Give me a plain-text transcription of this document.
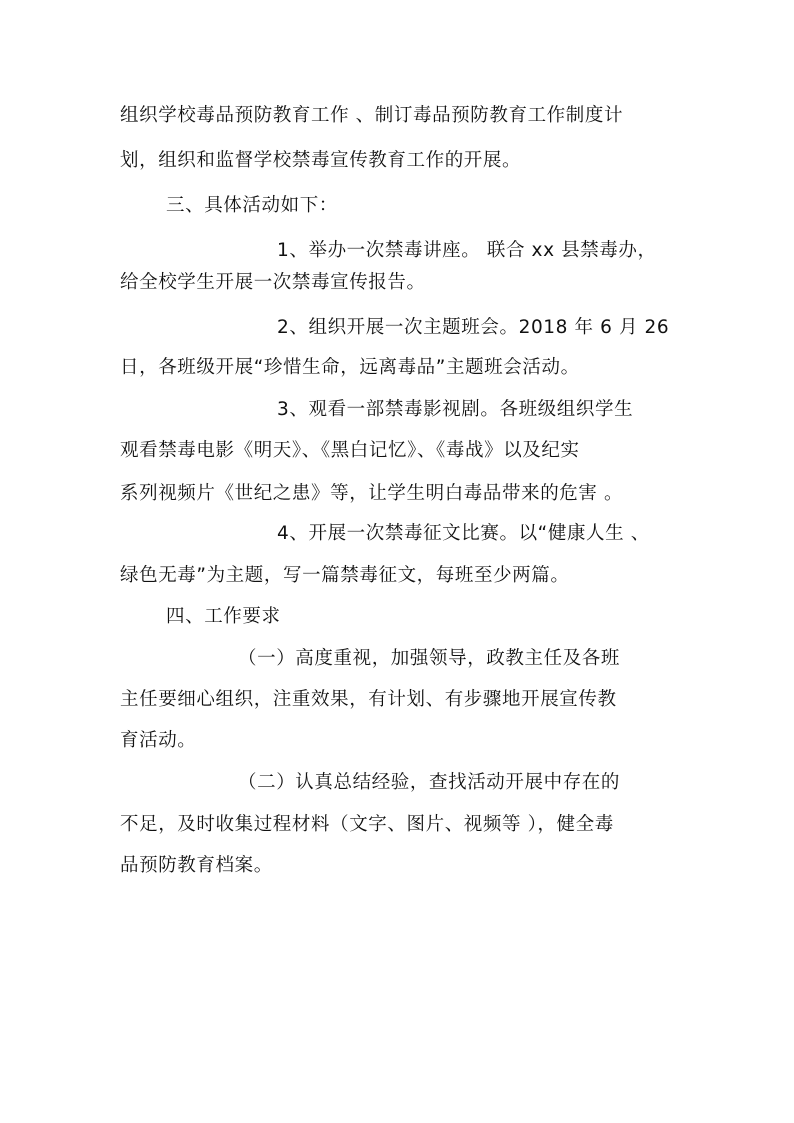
组织学校毒品预防教育工作 、制订毒品预防教育工作制度计
划，组织和监督学校禁毒宣传教育工作的开展。
三、具体活动如下：
1、举办一次禁毒讲座。 联合 xx 县禁毒办，
给全校学生开展一次禁毒宣传报告。
2、组织开展一次主题班会。2018 年 6 月 26
日，各班级开展“珍惜生命，远离毒品”主题班会活动。
3、观看一部禁毒影视剧。各班级组织学生
观看禁毒电影《明天》、《黑白记忆》、《毒战》以及纪实
系列视频片《世纪之患》等，让学生明白毒品带来的危害 。
4、开展一次禁毒征文比赛。以“健康人生 、
绿色无毒”为主题，写一篇禁毒征文，每班至少两篇。
四、工作要求
（一）高度重视，加强领导，政教主任及各班
主任要细心组织，注重效果，有计划、有步骤地开展宣传教
育活动。
（二）认真总结经验，查找活动开展中存在的
不足，及时收集过程材料（文字、图片、视频等 ），健全毒
品预防教育档案。
